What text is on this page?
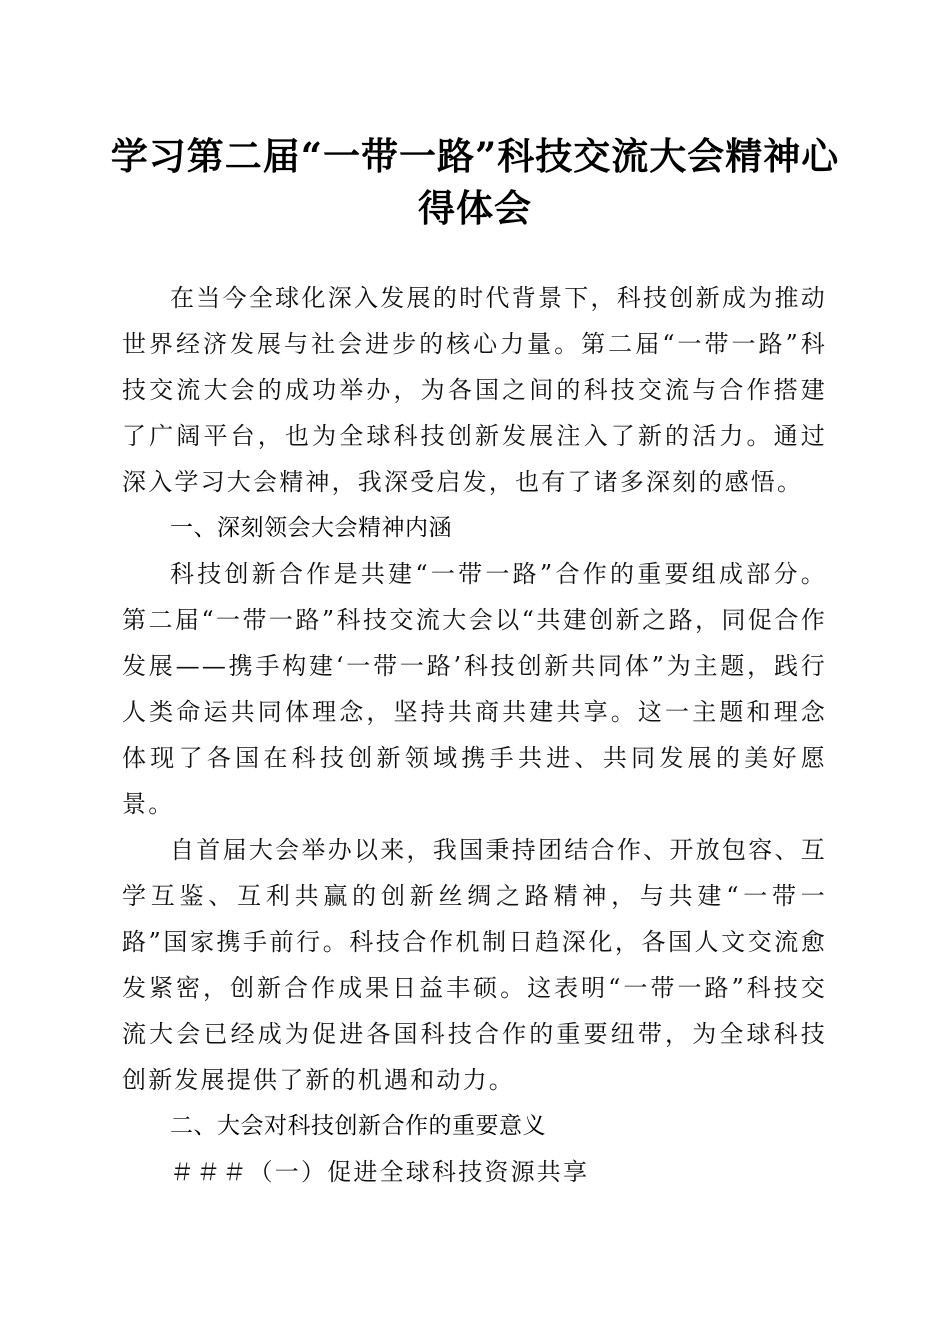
学习第二届“一带一路”科技交流大会精神心得体会

在当今全球化深入发展的时代背景下，科技创新成为推动世界经济发展与社会进步的核心力量。第二届“一带一路”科技交流大会的成功举办，为各国之间的科技交流与合作搭建了广阔平台，也为全球科技创新发展注入了新的活力。通过深入学习大会精神，我深受启发，也有了诸多深刻的感悟。

一、深刻领会大会精神内涵

科技创新合作是共建“一带一路”合作的重要组成部分。第二届“一带一路”科技交流大会以“共建创新之路，同促合作发展——携手构建‘一带一路’科技创新共同体”为主题，践行人类命运共同体理念，坚持共商共建共享。这一主题和理念体现了各国在科技创新领域携手共进、共同发展的美好愿景。

自首届大会举办以来，我国秉持团结合作、开放包容、互学互鉴、互利共赢的创新丝绸之路精神，与共建“一带一路”国家携手前行。科技合作机制日趋深化，各国人文交流愈发紧密，创新合作成果日益丰硕。这表明“一带一路”科技交流大会已经成为促进各国科技合作的重要纽带，为全球科技创新发展提供了新的机遇和动力。

二、大会对科技创新合作的重要意义

＃＃＃（一）促进全球科技资源共享
